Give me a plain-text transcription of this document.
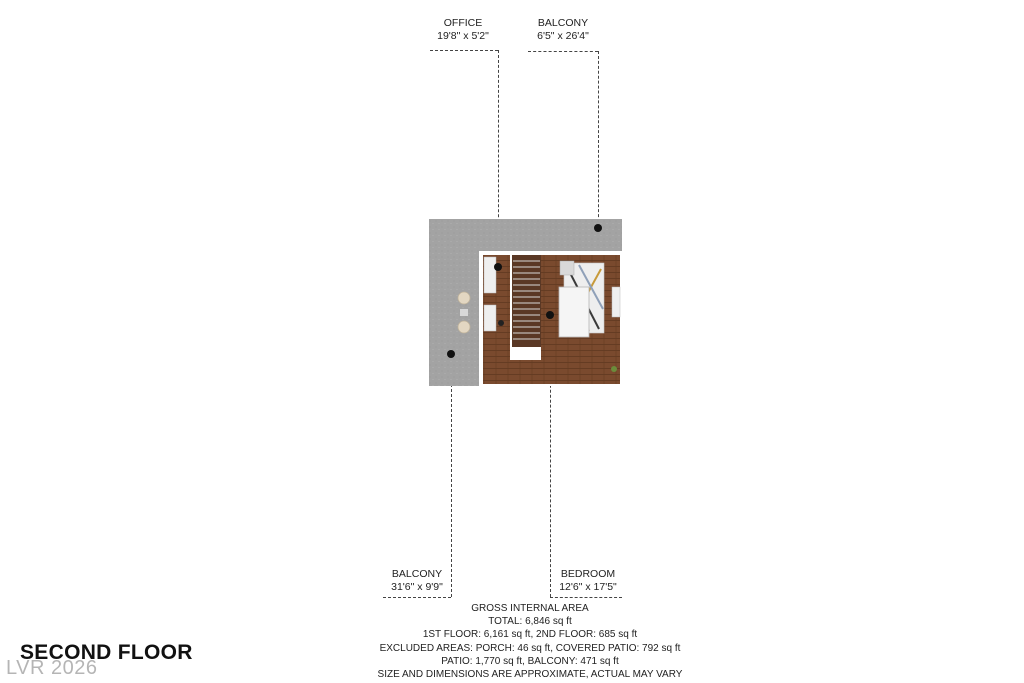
OFFICE
19'8" x 5'2"
BALCONY
6'5" x 26'4"
BALCONY
31'6" x 9'9"
BEDROOM
12'6" x 17'5"
GROSS INTERNAL AREA
TOTAL: 6,846 sq ft
1ST FLOOR: 6,161 sq ft, 2ND FLOOR: 685 sq ft
EXCLUDED AREAS: PORCH: 46 sq ft, COVERED PATIO: 792 sq ft
PATIO: 1,770 sq ft, BALCONY: 471 sq ft
SIZE AND DIMENSIONS ARE APPROXIMATE, ACTUAL MAY VARY
SECOND FLOOR
LVR 2026
